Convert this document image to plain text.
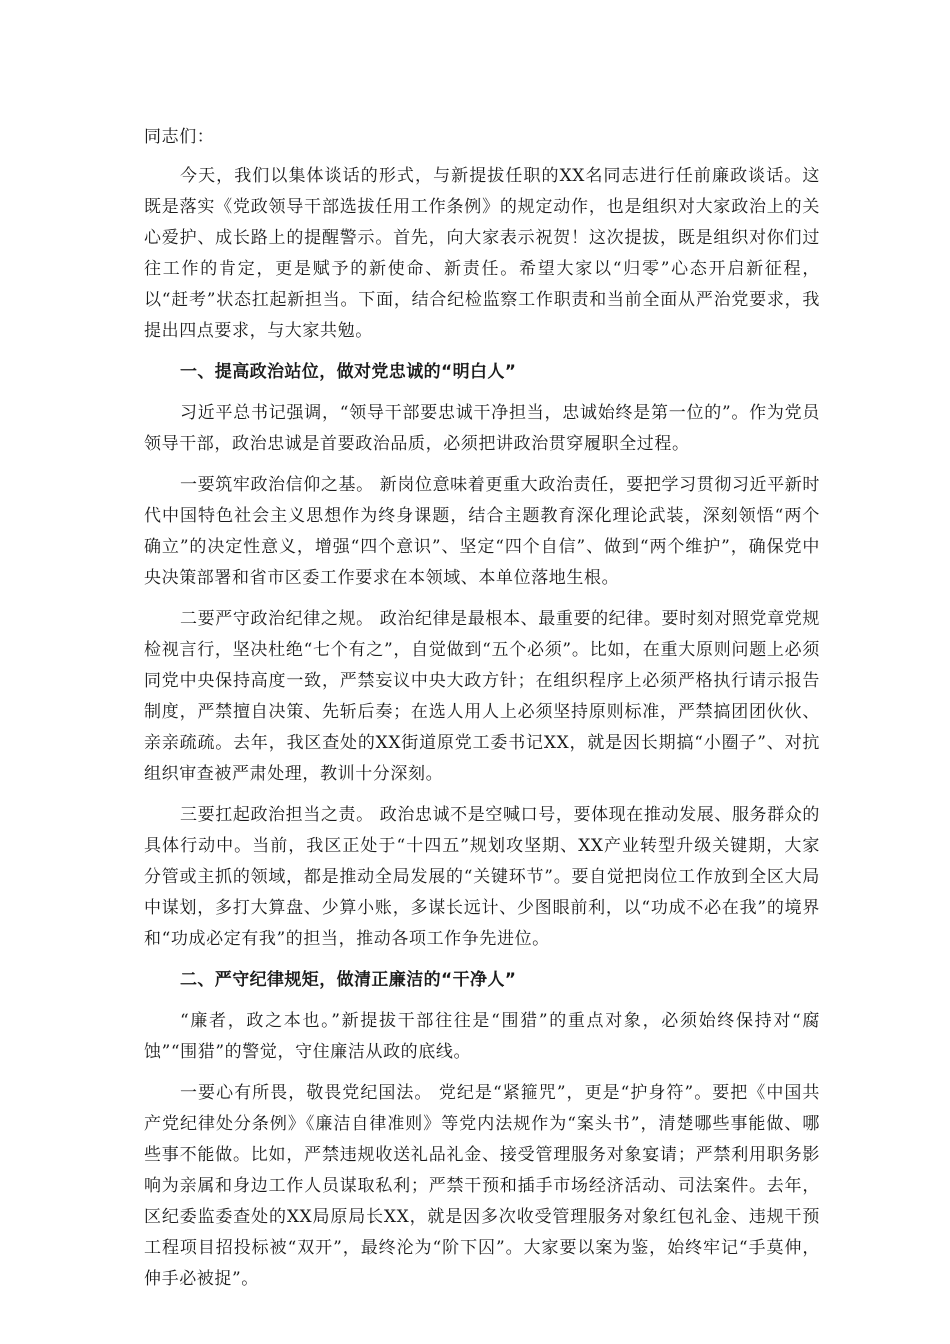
同志们：

今天，我们以集体谈话的形式，与新提拔任职的XX名同志进行任前廉政谈话。这既是落实《党政领导干部选拔任用工作条例》的规定动作，也是组织对大家政治上的关心爱护、成长路上的提醒警示。首先，向大家表示祝贺！这次提拔，既是组织对你们过往工作的肯定，更是赋予的新使命、新责任。希望大家以“归零”心态开启新征程，以“赶考”状态扛起新担当。下面，结合纪检监察工作职责和当前全面从严治党要求，我提出四点要求，与大家共勉。

一、提高政治站位，做对党忠诚的“明白人”

习近平总书记强调，“领导干部要忠诚干净担当，忠诚始终是第一位的”。作为党员领导干部，政治忠诚是首要政治品质，必须把讲政治贯穿履职全过程。

一要筑牢政治信仰之基。 新岗位意味着更重大政治责任，要把学习贯彻习近平新时代中国特色社会主义思想作为终身课题，结合主题教育深化理论武装，深刻领悟“两个确立”的决定性意义，增强“四个意识”、坚定“四个自信”、做到“两个维护”，确保党中央决策部署和省市区委工作要求在本领域、本单位落地生根。

二要严守政治纪律之规。 政治纪律是最根本、最重要的纪律。要时刻对照党章党规检视言行，坚决杜绝“七个有之”，自觉做到“五个必须”。比如，在重大原则问题上必须同党中央保持高度一致，严禁妄议中央大政方针；在组织程序上必须严格执行请示报告制度，严禁擅自决策、先斩后奏；在选人用人上必须坚持原则标准，严禁搞团团伙伙、亲亲疏疏。去年，我区查处的XX街道原党工委书记XX，就是因长期搞“小圈子”、对抗组织审查被严肃处理，教训十分深刻。

三要扛起政治担当之责。 政治忠诚不是空喊口号，要体现在推动发展、服务群众的具体行动中。当前，我区正处于“十四五”规划攻坚期、XX产业转型升级关键期，大家分管或主抓的领域，都是推动全局发展的“关键环节”。要自觉把岗位工作放到全区大局中谋划，多打大算盘、少算小账，多谋长远计、少图眼前利，以“功成不必在我”的境界和“功成必定有我”的担当，推动各项工作争先进位。

二、严守纪律规矩，做清正廉洁的“干净人”

“廉者，政之本也。”新提拔干部往往是“围猎”的重点对象，必须始终保持对“腐蚀”“围猎”的警觉，守住廉洁从政的底线。

一要心有所畏，敬畏党纪国法。 党纪是“紧箍咒”，更是“护身符”。要把《中国共产党纪律处分条例》《廉洁自律准则》等党内法规作为“案头书”，清楚哪些事能做、哪些事不能做。比如，严禁违规收送礼品礼金、接受管理服务对象宴请；严禁利用职务影响为亲属和身边工作人员谋取私利；严禁干预和插手市场经济活动、司法案件。去年，区纪委监委查处的XX局原局长XX，就是因多次收受管理服务对象红包礼金、违规干预工程项目招投标被“双开”，最终沦为“阶下囚”。大家要以案为鉴，始终牢记“手莫伸，伸手必被捉”。
